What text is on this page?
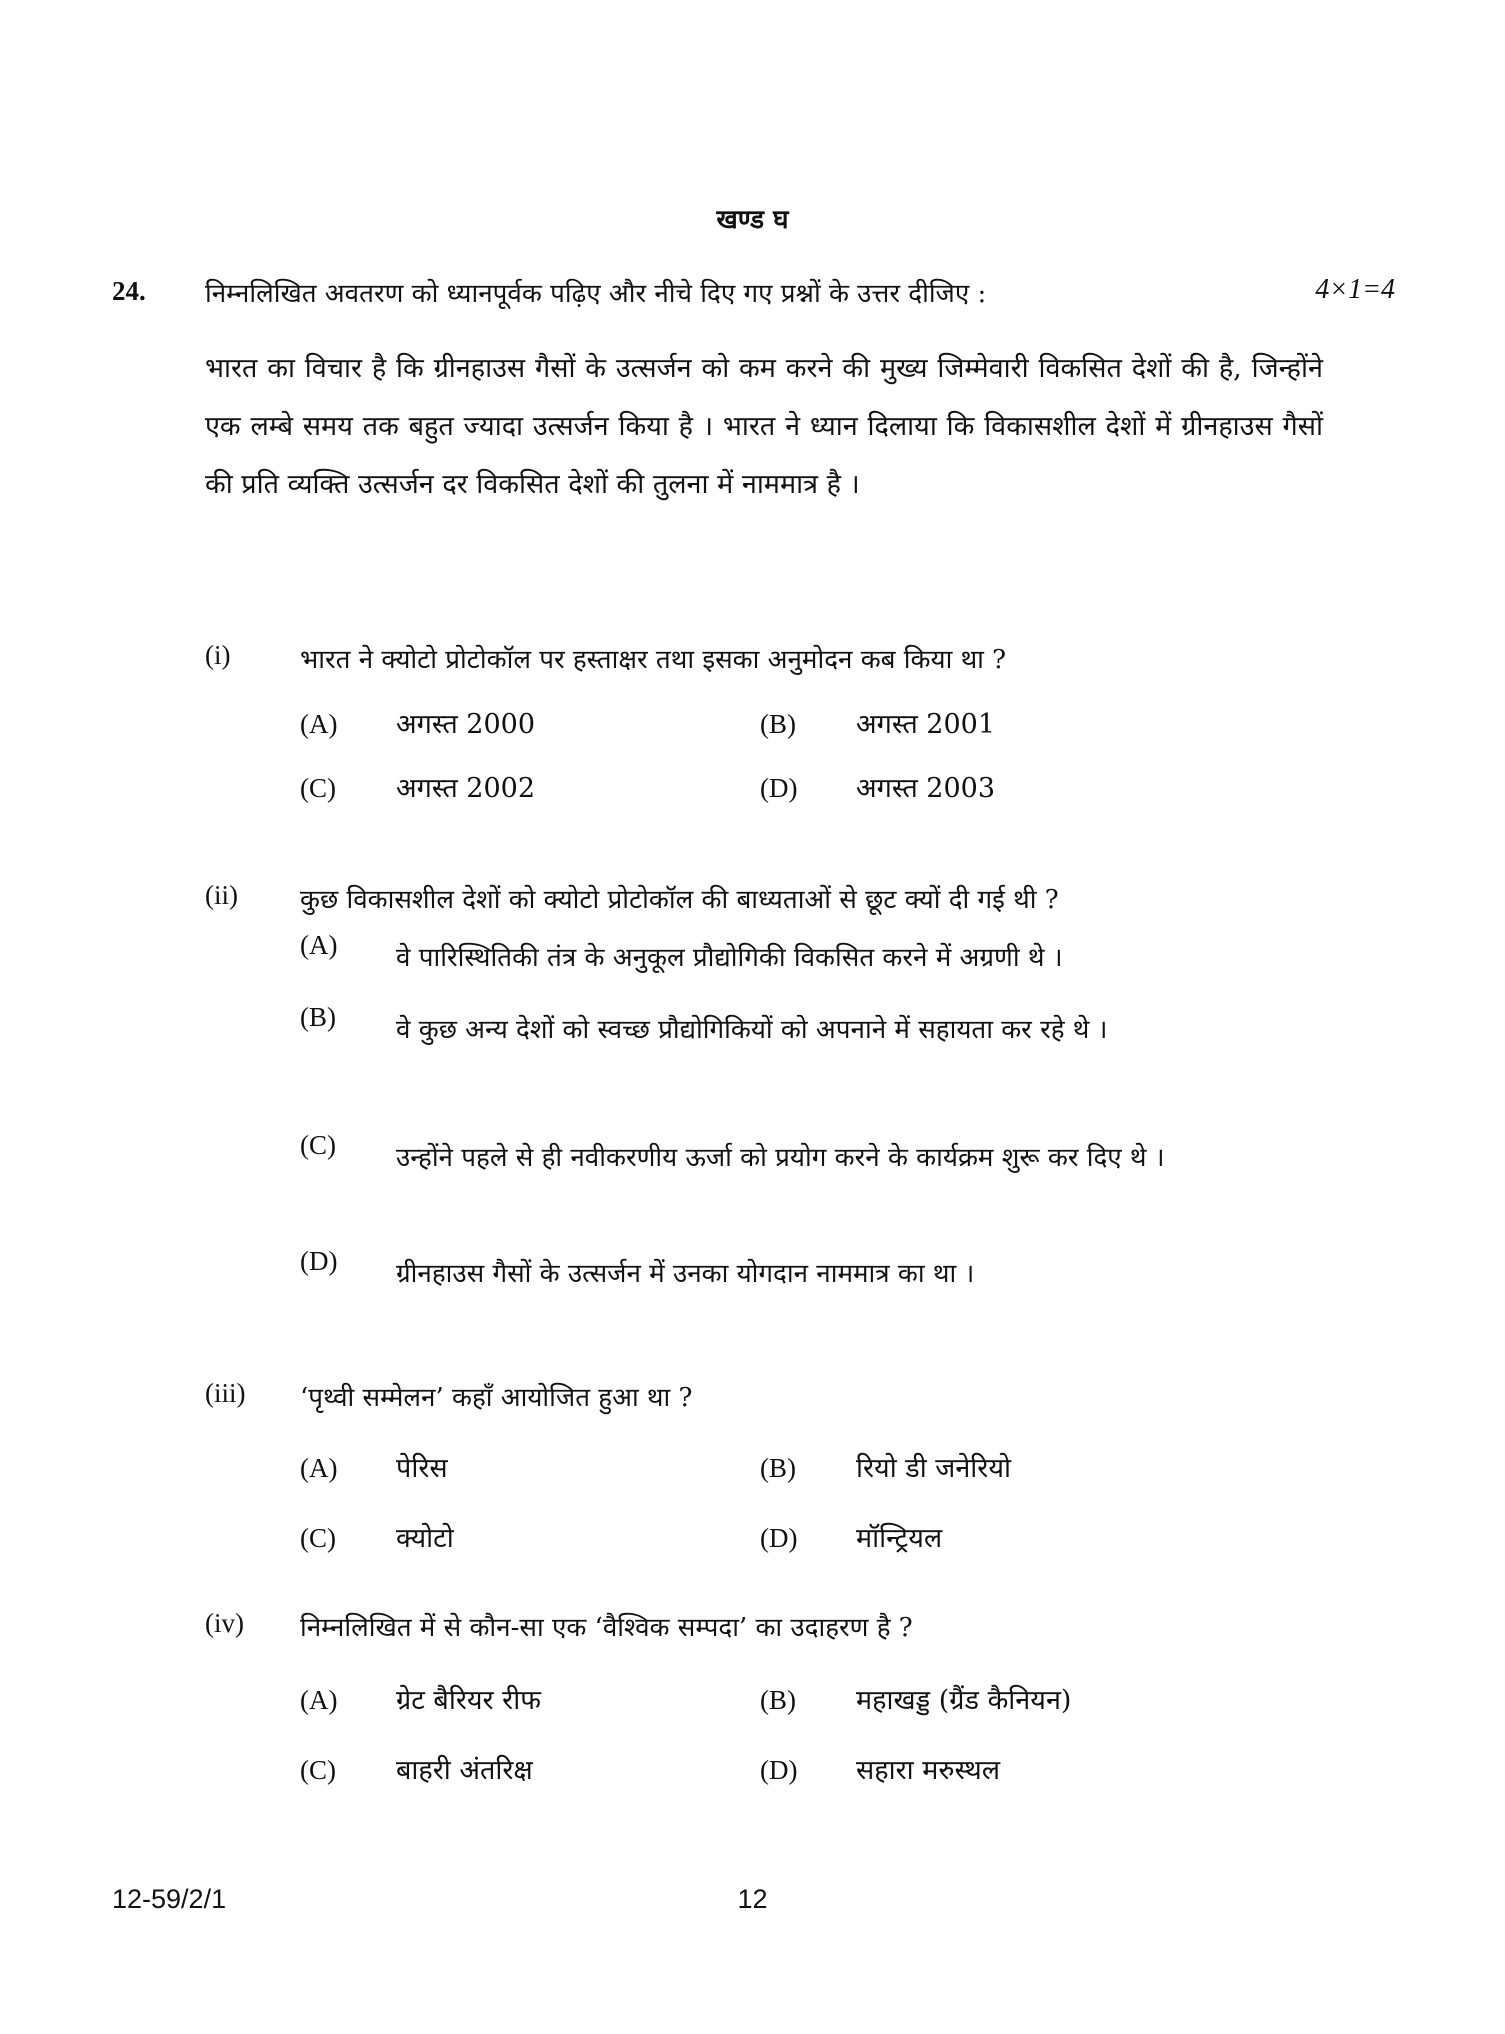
खण्ड घ
24. निम्नलिखित अवतरण को ध्यानपूर्वक पढ़िए और नीचे दिए गए प्रश्नों के उत्तर दीजिए :	4×1=4
भारत का विचार है कि ग्रीनहाउस गैसों के उत्सर्जन को कम करने की मुख्य जिम्मेवारी विकसित देशों की है, जिन्होंने एक लम्बे समय तक बहुत ज्यादा उत्सर्जन किया है । भारत ने ध्यान दिलाया कि विकासशील देशों में ग्रीनहाउस गैसों की प्रति व्यक्ति उत्सर्जन दर विकसित देशों की तुलना में नाममात्र है ।
(i)	भारत ने क्योटो प्रोटोकॉल पर हस्ताक्षर तथा इसका अनुमोदन कब किया था ?
(A) अगस्त 2000	(B) अगस्त 2001
(C) अगस्त 2002	(D) अगस्त 2003
(ii) कुछ विकासशील देशों को क्योटो प्रोटोकॉल की बाध्यताओं से छूट क्यों दी गई थी ?
(A)	वे पारिस्थितिकी तंत्र के अनुकूल प्रौद्योगिकी विकसित करने में अग्रणी थे ।
(B)	वे कुछ अन्य देशों को स्वच्छ प्रौद्योगिकियों को अपनाने में सहायता कर रहे थे ।
(C)	उन्होंने पहले से ही नवीकरणीय ऊर्जा को प्रयोग करने के कार्यक्रम शुरू कर दिए थे ।
(D)	ग्रीनहाउस गैसों के उत्सर्जन में उनका योगदान नाममात्र का था ।
(iii) ‘पृथ्वी सम्मेलन’ कहाँ आयोजित हुआ था ?
(A) पेरिस	(B) रियो डी जनेरियो
(C) क्योटो	(D) मॉन्ट्रियल
(iv) निम्नलिखित में से कौन-सा एक ‘वैश्विक सम्पदा’ का उदाहरण है ?
(A) ग्रेट बैरियर रीफ	(B) महाखड्ड (ग्रैंड कैनियन)
(C) बाहरी अंतरिक्ष	(D) सहारा मरुस्थल
12-59/2/1	12
